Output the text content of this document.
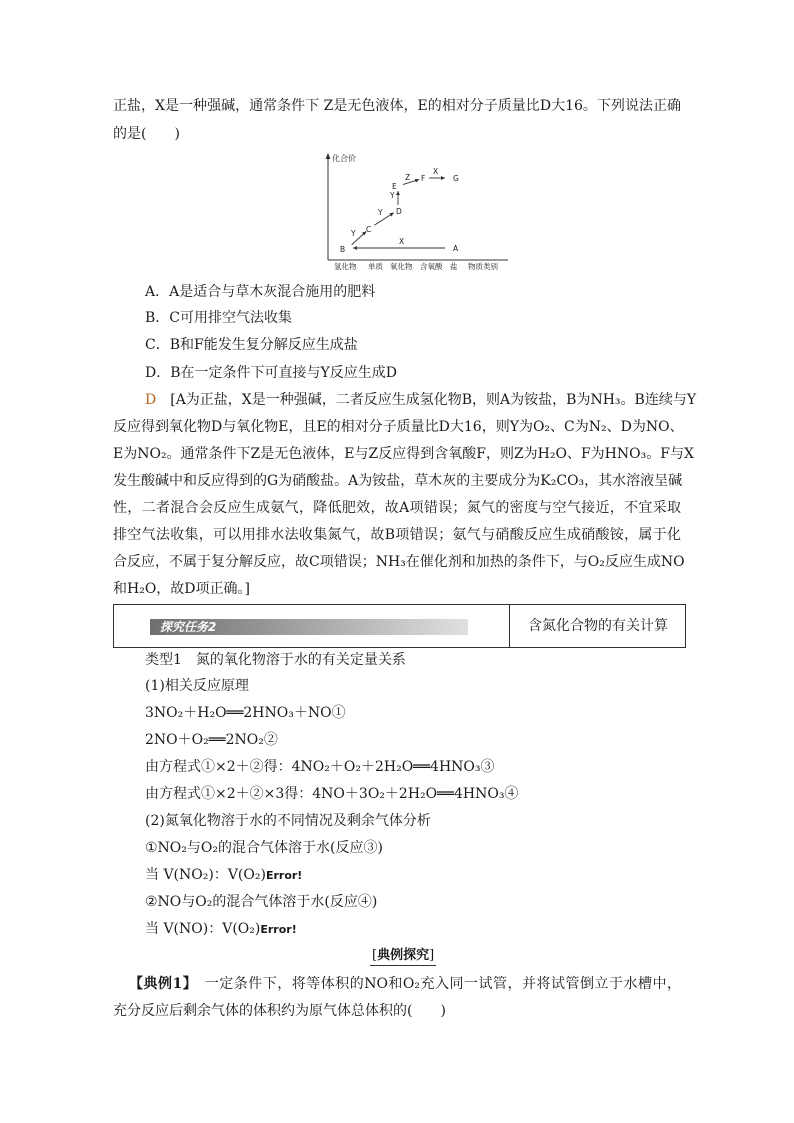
正盐，X是一种强碱，通常条件下 Z是无色液体，E的相对分子质量比D大16。下列说法正确
的是(　　)
化合价
X
Y
Y
Y
Z
X
A
B
C
D
E
F	G
氢化物 单质 氧化物 含氧酸 盐 物质类别
A．A是适合与草木灰混合施用的肥料
B．C可用排空气法收集
C．B和F能发生复分解反应生成盐
D．B在一定条件下可直接与Y反应生成D
D　 [A为正盐，X是一种强碱，二者反应生成氢化物B，则A为铵盐，B为NH₃。B连续与Y
反应得到氧化物D与氧化物E，且E的相对分子质量比D大16，则Y为O₂、C为N₂、D为NO、
E为NO₂。通常条件下Z是无色液体，E与Z反应得到含氧酸F，则Z为H₂O、F为HNO₃。F与X
发生酸碱中和反应得到的G为硝酸盐。A为铵盐，草木灰的主要成分为K₂CO₃，其水溶液呈碱
性，二者混合会反应生成氨气，降低肥效，故A项错误；氮气的密度与空气接近，不宜采取
排空气法收集，可以用排水法收集氮气，故B项错误；氨气与硝酸反应生成硝酸铵，属于化
合反应，不属于复分解反应，故C项错误；NH₃在催化剂和加热的条件下，与O₂反应生成NO
和H₂O，故D项正确。]
探究任务2	含氮化合物的有关计算
类型1　氮的氧化物溶于水的有关定量关系
(1)相关反应原理
3NO₂＋H₂O══2HNO₃＋NO①
2NO＋O₂══2NO₂②
由方程式①×2＋②得：4NO₂＋O₂＋2H₂O══4HNO₃③
由方程式①×2＋②×3得：4NO＋3O₂＋2H₂O══4HNO₃④
(2)氮氧化物溶于水的不同情况及剩余气体分析
①NO₂与O₂的混合气体溶于水(反应③)
当 V(NO₂)：V(O₂)Error!
②NO与O₂的混合气体溶于水(反应④)
当 V(NO)：V(O₂)Error!
[ 典例探究 ]
【典例1】　一定条件下，将等体积的NO和O₂充入同一试管，并将试管倒立于水槽中，
充分反应后剩余气体的体积约为原气体总体积的(　　)
